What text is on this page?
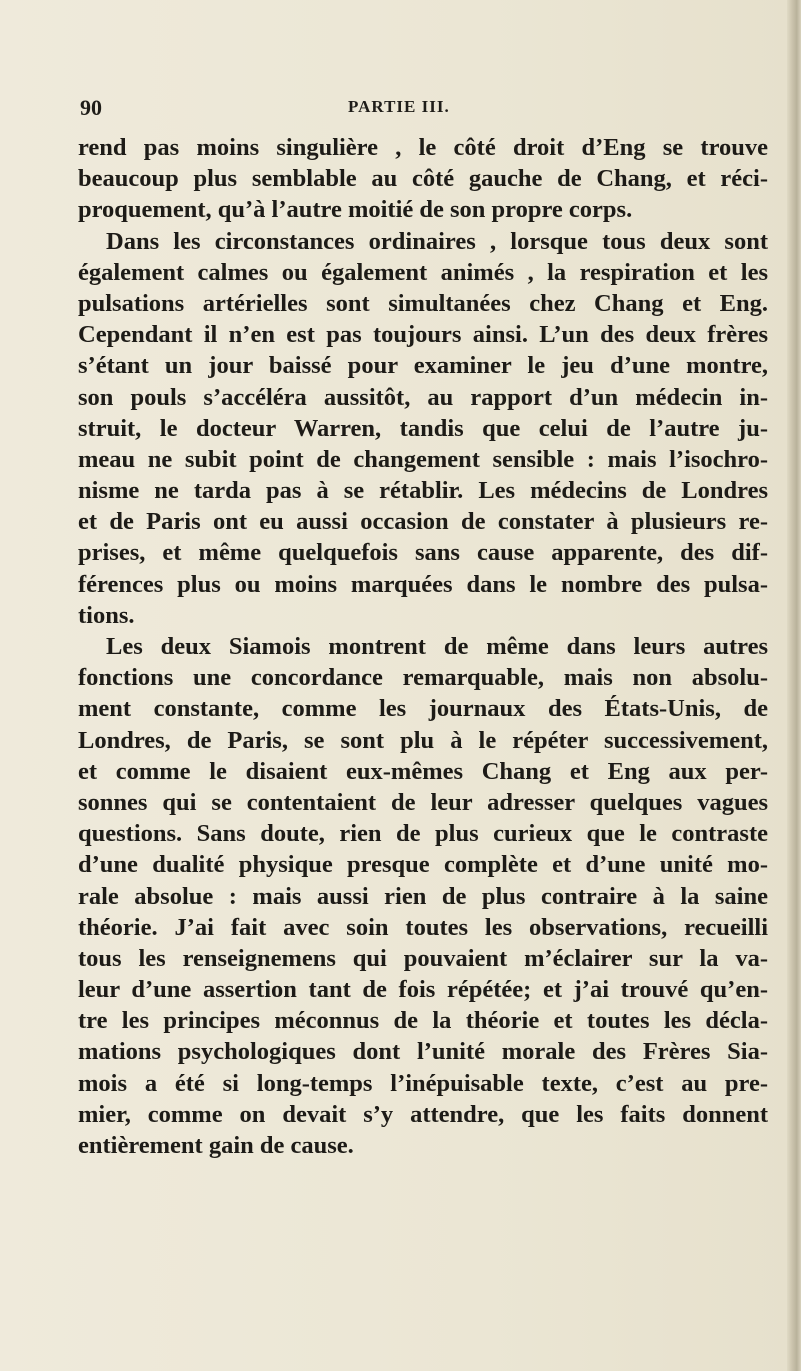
90	PARTIE III.
rend pas moins singulière , le côté droit d’Eng se trouve
beaucoup plus semblable au côté gauche de Chang, et réci-
proquement, qu’à l’autre moitié de son propre corps.
Dans les circonstances ordinaires , lorsque tous deux sont
également calmes ou également animés , la respiration et les
pulsations artérielles sont simultanées chez Chang et Eng.
Cependant il n’en est pas toujours ainsi. L’un des deux frères
s’étant un jour baissé pour examiner le jeu d’une montre,
son pouls s’accéléra aussitôt, au rapport d’un médecin in-
struit, le docteur Warren, tandis que celui de l’autre ju-
meau ne subit point de changement sensible : mais l’isochro-
nisme ne tarda pas à se rétablir. Les médecins de Londres
et de Paris ont eu aussi occasion de constater à plusieurs re-
prises, et même quelquefois sans cause apparente, des dif-
férences plus ou moins marquées dans le nombre des pulsa-
tions.
Les deux Siamois montrent de même dans leurs autres
fonctions une concordance remarquable, mais non absolu-
ment constante, comme les journaux des États-Unis, de
Londres, de Paris, se sont plu à le répéter successivement,
et comme le disaient eux-mêmes Chang et Eng aux per-
sonnes qui se contentaient de leur adresser quelques vagues
questions. Sans doute, rien de plus curieux que le contraste
d’une dualité physique presque complète et d’une unité mo-
rale absolue : mais aussi rien de plus contraire à la saine
théorie. J’ai fait avec soin toutes les observations, recueilli
tous les renseignemens qui pouvaient m’éclairer sur la va-
leur d’une assertion tant de fois répétée; et j’ai trouvé qu’en-
tre les principes méconnus de la théorie et toutes les décla-
mations psychologiques dont l’unité morale des Frères Sia-
mois a été si long-temps l’inépuisable texte, c’est au pre-
mier, comme on devait s’y attendre, que les faits donnent
entièrement gain de cause.
